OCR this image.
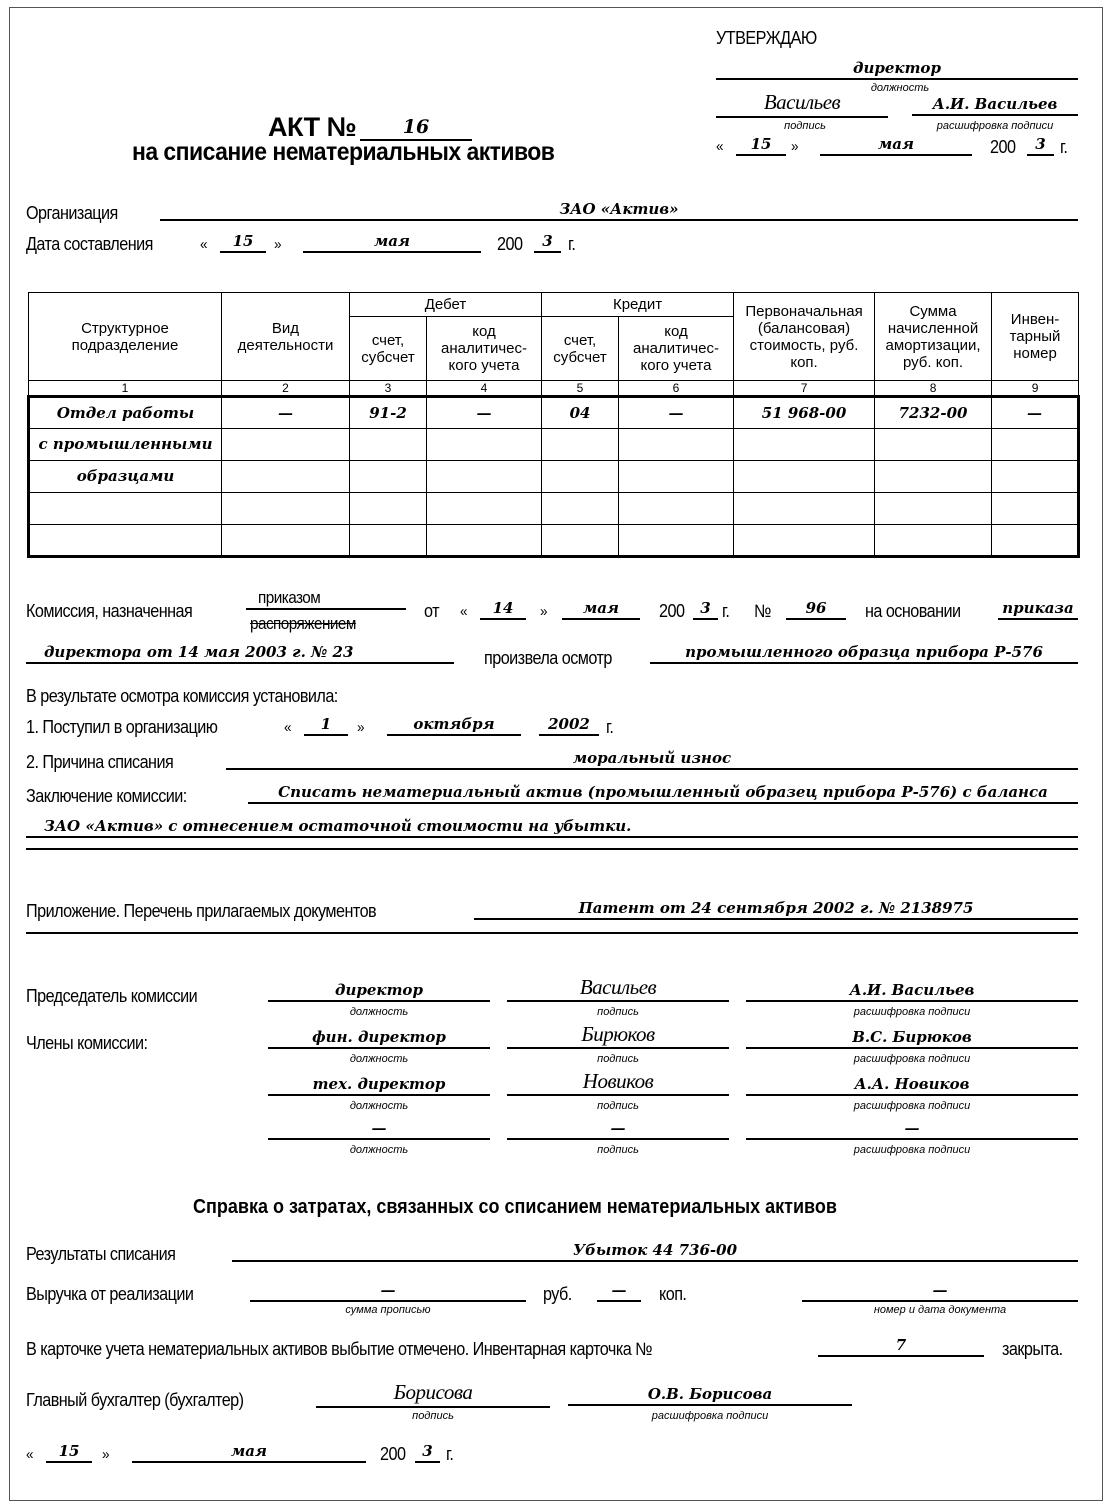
УТВЕРЖДАЮ
директор
должность
Васильев	А.И. Васильев
подпись	расшифровка подписи
«	15	»	мая	200	3 г.
АКТ №	16
на списание нематериальных активов
Организация	ЗАО «Актив»
Дата составления	«	15	»	мая	200	3 г.
Структурное подразделение	Вид деятельности	Дебет		Кредит		Первоначальная (балансовая) стоимость, руб. коп.	Сумма начисленной амортизации, руб. коп.	Инвен-тарный номер
		счет, субсчет	код аналитичес-кого учета	счет, субсчет	код аналитичес-кого учета			
1	2	3	4	5	6	7	8	9
Отдел работы	—	91-2	—	04	—	51 968-00	7232-00	—
с промышленными								
образцами								

Комиссия, назначенная
приказом
распоряжением
от «	14	»	мая	200	3 г. №	96	на основании	приказа
директора от 14 мая 2003 г. № 23	произвела осмотр	промышленного образца прибора Р-576
В результате осмотра комиссия установила:
1. Поступил в организацию	«	1	»	октября	2002 г.
2. Причина списания	моральный износ
Заключение комиссии:	Списать нематериальный актив (промышленный образец прибора Р-576) с баланса
ЗАО «Актив» с отнесением остаточной стоимости на убытки.
Приложение. Перечень прилагаемых документов	Патент от 24 сентября 2002 г. № 2138975
Председатель комиссии
Члены комиссии:
директор	Васильев	А.И. Васильев
должность	подпись	расшифровка подписи
фин. директор	Бирюков	В.С. Бирюков
должность	подпись	расшифровка подписи
тех. директор	Новиков	А.А. Новиков
должность	подпись	расшифровка подписи
—	—	—
должность	подпись	расшифровка подписи
Справка о затратах, связанных со списанием нематериальных активов
Результаты списания	Убыток 44 736-00
Выручка от реализации	—
сумма прописью
руб.	—	коп.	—
номер и дата документа
В карточке учета нематериальных активов выбытие отмечено. Инвентарная карточка №	7	закрыта.
Главный бухгалтер (бухгалтер)	Борисова
подпись
О.В. Борисова
расшифровка подписи
«	15	»	мая	200	3 г.
